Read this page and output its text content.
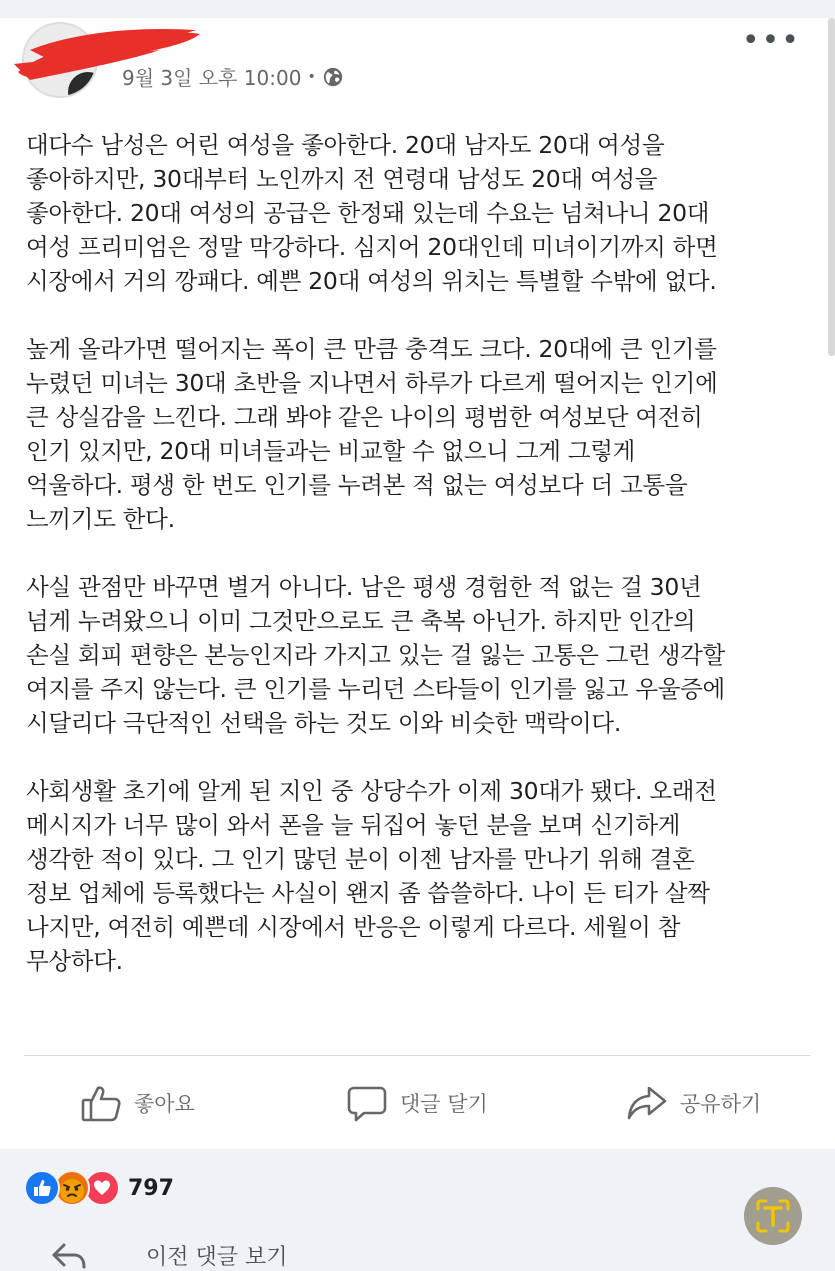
9월 3일 오후 10:00 •
•••

대다수 남성은 어린 여성을 좋아한다. 20대 남자도 20대 여성을
좋아하지만, 30대부터 노인까지 전 연령대 남성도 20대 여성을
좋아한다. 20대 여성의 공급은 한정돼 있는데 수요는 넘쳐나니 20대
여성 프리미엄은 정말 막강하다. 심지어 20대인데 미녀이기까지 하면
시장에서 거의 깡패다. 예쁜 20대 여성의 위치는 특별할 수밖에 없다.

높게 올라가면 떨어지는 폭이 큰 만큼 충격도 크다. 20대에 큰 인기를
누렸던 미녀는 30대 초반을 지나면서 하루가 다르게 떨어지는 인기에
큰 상실감을 느낀다. 그래 봐야 같은 나이의 평범한 여성보단 여전히
인기 있지만, 20대 미녀들과는 비교할 수 없으니 그게 그렇게
억울하다. 평생 한 번도 인기를 누려본 적 없는 여성보다 더 고통을
느끼기도 한다.

사실 관점만 바꾸면 별거 아니다. 남은 평생 경험한 적 없는 걸 30년
넘게 누려왔으니 이미 그것만으로도 큰 축복 아닌가. 하지만 인간의
손실 회피 편향은 본능인지라 가지고 있는 걸 잃는 고통은 그런 생각할
여지를 주지 않는다. 큰 인기를 누리던 스타들이 인기를 잃고 우울증에
시달리다 극단적인 선택을 하는 것도 이와 비슷한 맥락이다.

사회생활 초기에 알게 된 지인 중 상당수가 이제 30대가 됐다. 오래전
메시지가 너무 많이 와서 폰을 늘 뒤집어 놓던 분을 보며 신기하게
생각한 적이 있다. 그 인기 많던 분이 이젠 남자를 만나기 위해 결혼
정보 업체에 등록했다는 사실이 왠지 좀 씁쓸하다. 나이 든 티가 살짝
나지만, 여전히 예쁜데 시장에서 반응은 이렇게 다르다. 세월이 참
무상하다.

좋아요	댓글 달기	공유하기
797
이전 댓글 보기
